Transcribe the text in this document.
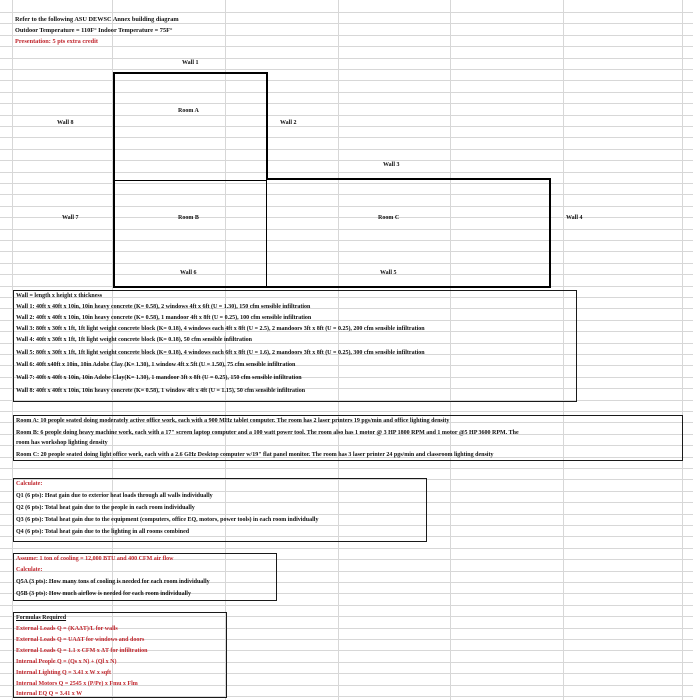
Refer to the following ASU DEWSC Annex building diagram
Outdoor Temperature = 110F° Indoor Temperature = 75F°
Presentation: 5 pts extra credit
Wall 1
Wall 8	Wall 2
Wall 3
Wall 7	Wall 4
Wall 6	Wall 5
Room A
Room B	Room C
Wall = length x height x thickness
Wall 1: 40ft x 40ft x 10in, 10in heavy concrete (K= 0.58), 2 windows 4ft x 6ft (U = 1.30), 150 cfm sensible infiltration
Wall 2: 40ft x 40ft x 10in, 10in heavy concrete (K= 0.58), 1 mandoor 4ft x 8ft (U = 0.25), 100 cfm sensible infiltration
Wall 3: 80ft x 30ft x 1ft, 1ft light weight concrete block (K= 0.18), 4 windows each 4ft x 8ft (U = 2.5), 2 mandoors 3ft x 8ft (U = 0.25), 200 cfm sensible infiltration
Wall 4: 40ft x 30ft x 1ft, 1ft light weight concrete block (K= 0.18), 50 cfm sensible infiltration
Wall 5: 80ft x 30ft x 1ft, 1ft light weight concrete block (K= 0.18), 4 windows each 6ft x 8ft (U = 1.6), 2 mandoors 3ft x 8ft (U = 0.25), 300 cfm sensible infiltration
Wall 6: 40ft x40ft x 10in, 10in Adobe Clay (K= 1.30), 1 window 4ft x 5ft (U = 1.50), 75 cfm sensible infiltration
Wall 7: 40ft x 40ft x 10in, 10in Adobe Clay(K= 1.30), 1 mandoor 3ft x 8ft (U = 0.25), 150 cfm sensible infiltration
Wall 8: 40ft x 40ft x 10in, 10in heavy concrete (K= 0.58), 1 window 4ft x 4ft (U = 1.15), 50 cfm sensible infiltration
Room A: 10 people seated doing moderately active office work, each with a 900 MHz tablet computer. The room has 2 laser printers 19 pgs/min and office lighting density
Room B: 6 people doing heavy machine work, each with a 17" screen laptop computer and a 100 watt power tool. The room also has 1 motor @ 3 HP 1800 RPM and 1 motor @5 HP 3600 RPM. The
room has workshop lighting density
Room C: 20 people seated doing light office work, each with a 2.6 GHz Desktop computer w/19" flat panel monitor. The room has 3 laser printer 24 pgs/min and classroom lighting density
Calculate:
Q1 (6 pts): Heat gain due to exterior heat loads through all walls individually
Q2 (6 pts): Total heat gain due to the people in each room individually
Q3 (6 pts): Total heat gain due to the equipment (computers, office EQ, motors, power tools) in each room individually
Q4 (6 pts): Total heat gain due to the lighting in all rooms combined
Assume: 1 ton of cooling = 12,000 BTU and 400 CFM air flow
Calculate:
Q5A (3 pts): How many tons of cooling is needed for each room individually
Q5B (3 pts): How much airflow is needed for each room individually
Formulas Required
External Loads Q = (KAΔT)/L for walls
External Loads Q = UAΔT for windows and doors
External Loads Q = 1.1 x CFM x ΔT for infiltration
Internal People Q = (Qs x N) + (Ql x N)
Internal Lighting Q = 3.41 x W x sqft
Internal Motors Q = 2545 x (P/Pe) x Fmu x Flm
Internal EQ Q = 3.41 x W
